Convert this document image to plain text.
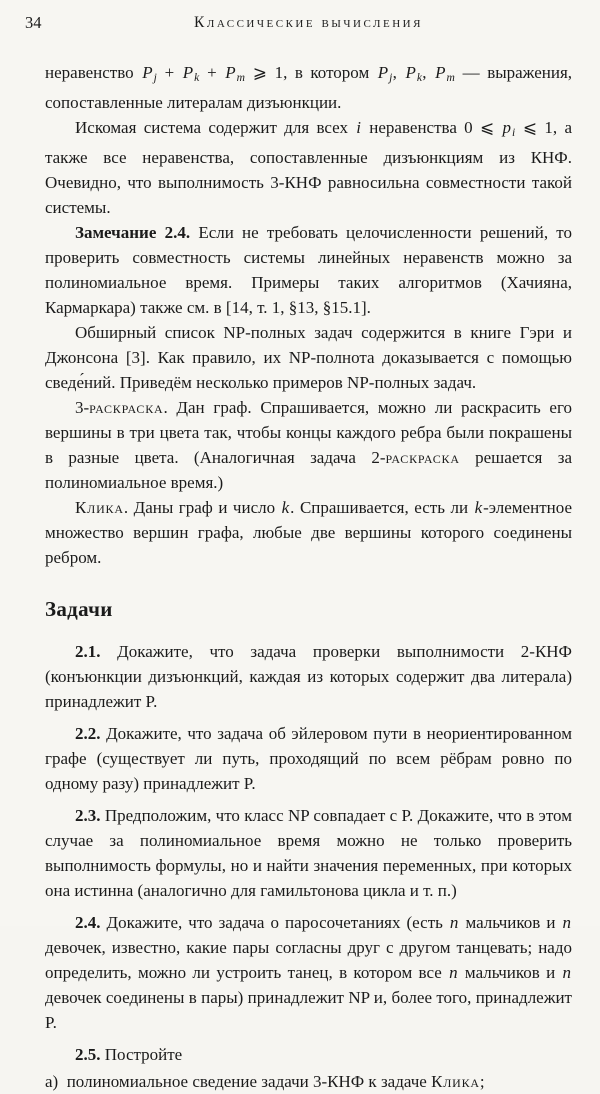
34	Классические вычисления

неравенство Pj + Pk + Pm ⩾ 1, в котором Pj, Pk, Pm — выражения, сопоставленные литералам дизъюнкции.

Искомая система содержит для всех i неравенства 0 ⩽ pi ⩽ 1, а также все неравенства, сопоставленные дизъюнкциям из КНФ. Очевидно, что выполнимость 3-КНФ равносильна совместности такой системы.

Замечание 2.4. Если не требовать целочисленности решений, то проверить совместность системы линейных неравенств можно за полиномиальное время. Примеры таких алгоритмов (Хачияна, Кармаркара) также см. в [14, т. 1, §13, §15.1].

Обширный список NP-полных задач содержится в книге Гэри и Джонсона [3]. Как правило, их NP-полнота доказывается с помощью сведе́ний. Приведём несколько примеров NP-полных задач.

3-раскраска. Дан граф. Спрашивается, можно ли раскрасить его вершины в три цвета так, чтобы концы каждого ребра были покрашены в разные цвета. (Аналогичная задача 2-раскраска решается за полиномиальное время.)

Клика. Даны граф и число k. Спрашивается, есть ли k-элементное множество вершин графа, любые две вершины которого соединены ребром.

Задачи

2.1. Докажите, что задача проверки выполнимости 2-КНФ (конъюнкции дизъюнкций, каждая из которых содержит два литерала) принадлежит P.

2.2. Докажите, что задача об эйлеровом пути в неориентированном графе (существует ли путь, проходящий по всем рёбрам ровно по одному разу) принадлежит P.

2.3. Предположим, что класс NP совпадает с P. Докажите, что в этом случае за полиномиальное время можно не только проверить выполнимость формулы, но и найти значения переменных, при которых она истинна (аналогично для гамильтонова цикла и т. п.)

2.4. Докажите, что задача о паросочетаниях (есть n мальчиков и n девочек, известно, какие пары согласны друг с другом танцевать; надо определить, можно ли устроить танец, в котором все n мальчиков и n девочек соединены в пары) принадлежит NP и, более того, принадлежит P.

2.5. Постройте

а)  полиномиальное сведение задачи 3-КНФ к задаче Клика;
